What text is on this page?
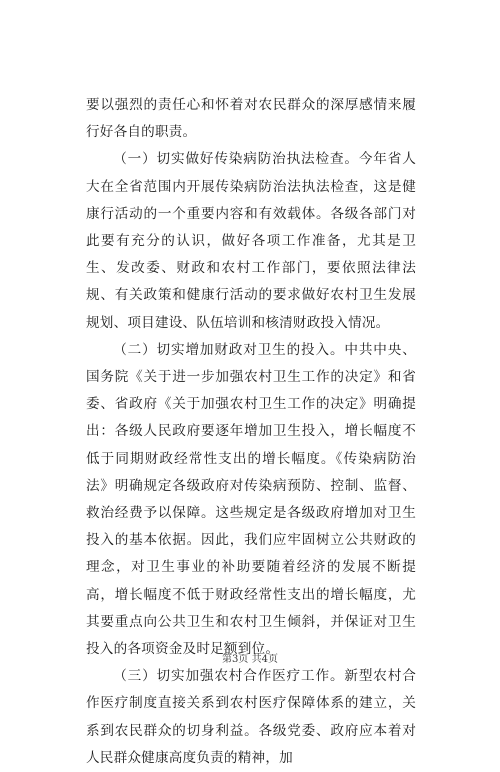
要以强烈的责任心和怀着对农民群众的深厚感情来履行好各自的职责。

（一）切实做好传染病防治执法检查。今年省人大在全省范围内开展传染病防治法执法检查，这是健康行活动的一个重要内容和有效载体。各级各部门对此要有充分的认识，做好各项工作准备，尤其是卫生、发改委、财政和农村工作部门，要依照法律法规、有关政策和健康行活动的要求做好农村卫生发展规划、项目建设、队伍培训和核清财政投入情况。

（二）切实增加财政对卫生的投入。中共中央、国务院《关于进一步加强农村卫生工作的决定》和省委、省政府《关于加强农村卫生工作的决定》明确提出：各级人民政府要逐年增加卫生投入，增长幅度不低于同期财政经常性支出的增长幅度。《传染病防治法》明确规定各级政府对传染病预防、控制、监督、救治经费予以保障。这些规定是各级政府增加对卫生投入的基本依据。因此，我们应牢固树立公共财政的理念，对卫生事业的补助要随着经济的发展不断提高，增长幅度不低于财政经常性支出的增长幅度，尤其要重点向公共卫生和农村卫生倾斜，并保证对卫生投入的各项资金及时足额到位。

（三）切实加强农村合作医疗工作。新型农村合作医疗制度直接关系到农村医疗保障体系的建立，关系到农民群众的切身利益。各级党委、政府应本着对人民群众健康高度负责的精神，加

第3页 共4页
